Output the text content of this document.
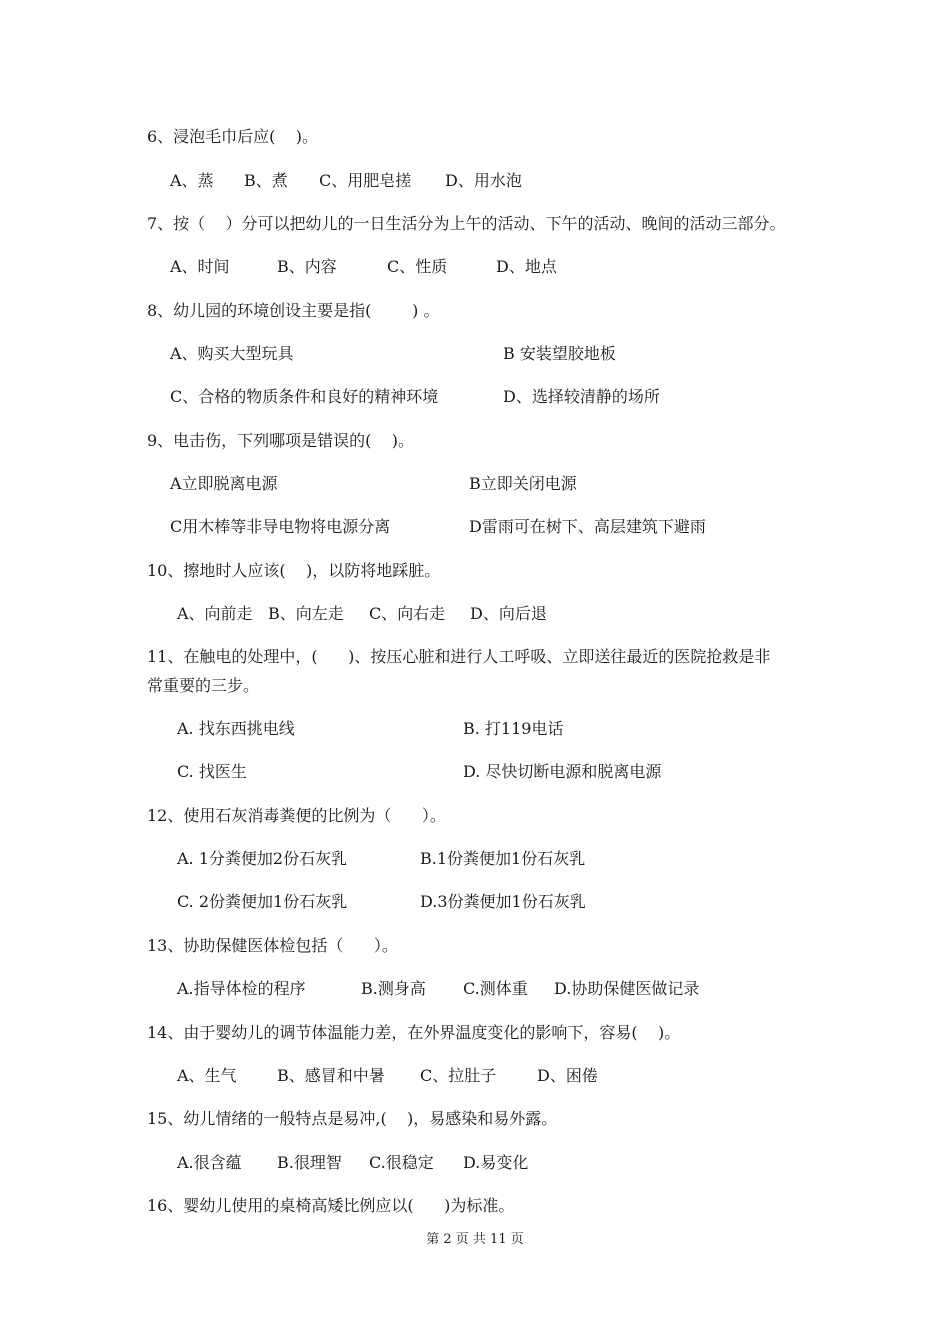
6、浸泡毛巾后应(    )。
A、蒸 B、煮 C、用肥皂搓 D、用水泡
7、按（    ）分可以把幼儿的一日生活分为上午的活动、下午的活动、晚间的活动三部分。
A、时间	B、内容	C、性质	D、地点
8、幼儿园的环境创设主要是指(        ) 。
A、购买大型玩具	B 安装望胶地板
C、合格的物质条件和良好的精神环境	D、选择较清静的场所
9、电击伤，下列哪项是错误的(    )。
A立即脱离电源	B立即关闭电源
C用木棒等非导电物将电源分离	D雷雨可在树下、高层建筑下避雨
10、擦地时人应该(    )，以防将地踩脏。
A、向前走 B、向左走 C、向右走 D、向后退
11、在触电的处理中，(      )、按压心脏和进行人工呼吸、立即送往最近的医院抢救是非
常重要的三步。
A. 找东西挑电线	B. 打119电话
C. 找医生	D. 尽快切断电源和脱离电源
12、使用石灰消毒粪便的比例为（      ）。
A. 1分粪便加2份石灰乳	B.1份粪便加1份石灰乳
C. 2份粪便加1份石灰乳	D.3份粪便加1份石灰乳
13、协助保健医体检包括（      ）。
A.指导体检的程序	B.测身高 C.测体重 D.协助保健医做记录
14、由于婴幼儿的调节体温能力差，在外界温度变化的影响下，容易(    )。
A、生气	B、感冒和中暑 C、拉肚子	D、困倦
15、幼儿情绪的一般特点是易冲,(    )，易感染和易外露。
A.很含蕴 B.很理智 C.很稳定 D.易变化
16、婴幼儿使用的桌椅高矮比例应以(      )为标准。
第 2 页 共 11 页
